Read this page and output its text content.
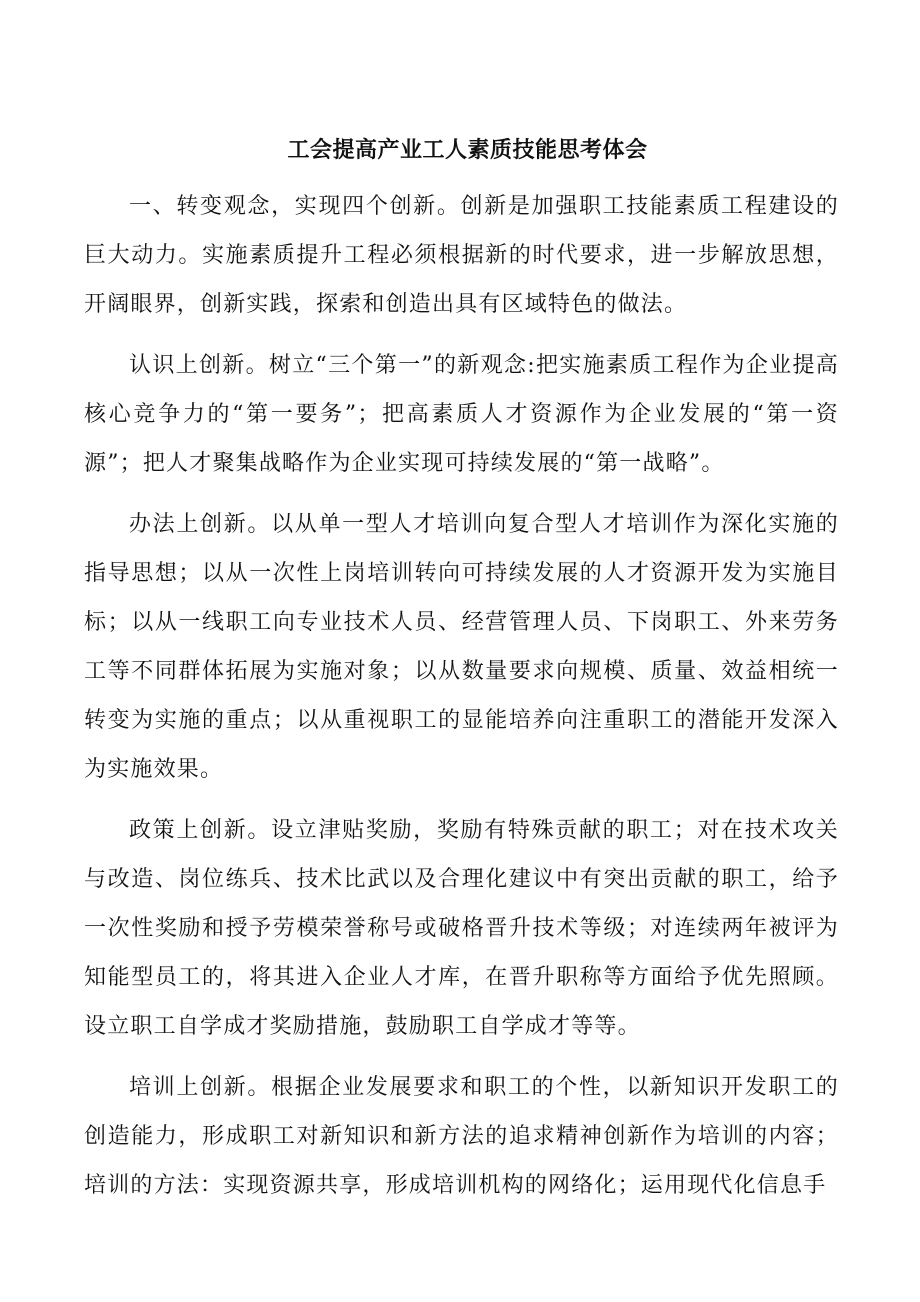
工会提高产业工人素质技能思考体会

一、转变观念，实现四个创新。创新是加强职工技能素质工程建设的巨大动力。实施素质提升工程必须根据新的时代要求，进一步解放思想，开阔眼界，创新实践，探索和创造出具有区域特色的做法。

认识上创新。树立“三个第一”的新观念:把实施素质工程作为企业提高核心竞争力的“第一要务”；把高素质人才资源作为企业发展的“第一资源”；把人才聚集战略作为企业实现可持续发展的“第一战略”。

办法上创新。以从单一型人才培训向复合型人才培训作为深化实施的指导思想；以从一次性上岗培训转向可持续发展的人才资源开发为实施目标；以从一线职工向专业技术人员、经营管理人员、下岗职工、外来劳务工等不同群体拓展为实施对象；以从数量要求向规模、质量、效益相统一转变为实施的重点；以从重视职工的显能培养向注重职工的潜能开发深入为实施效果。

政策上创新。设立津贴奖励，奖励有特殊贡献的职工；对在技术攻关与改造、岗位练兵、技术比武以及合理化建议中有突出贡献的职工，给予一次性奖励和授予劳模荣誉称号或破格晋升技术等级；对连续两年被评为知能型员工的，将其进入企业人才库，在晋升职称等方面给予优先照顾。设立职工自学成才奖励措施，鼓励职工自学成才等等。

培训上创新。根据企业发展要求和职工的个性，以新知识开发职工的创造能力，形成职工对新知识和新方法的追求精神创新作为培训的内容；培训的方法：实现资源共享，形成培训机构的网络化；运用现代化信息手
